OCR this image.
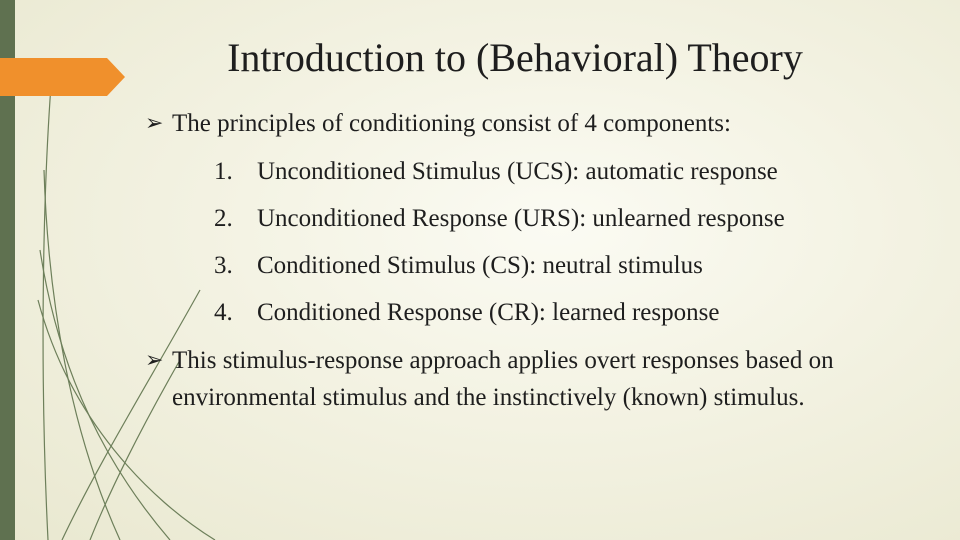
Introduction to (Behavioral) Theory
➢ The principles of conditioning consist of 4 components:
1. Unconditioned Stimulus (UCS): automatic response
2. Unconditioned Response (URS): unlearned response
3. Conditioned Stimulus (CS): neutral stimulus
4. Conditioned Response (CR): learned response
➢ This stimulus-response approach applies overt responses based on environmental stimulus and the instinctively (known) stimulus.
